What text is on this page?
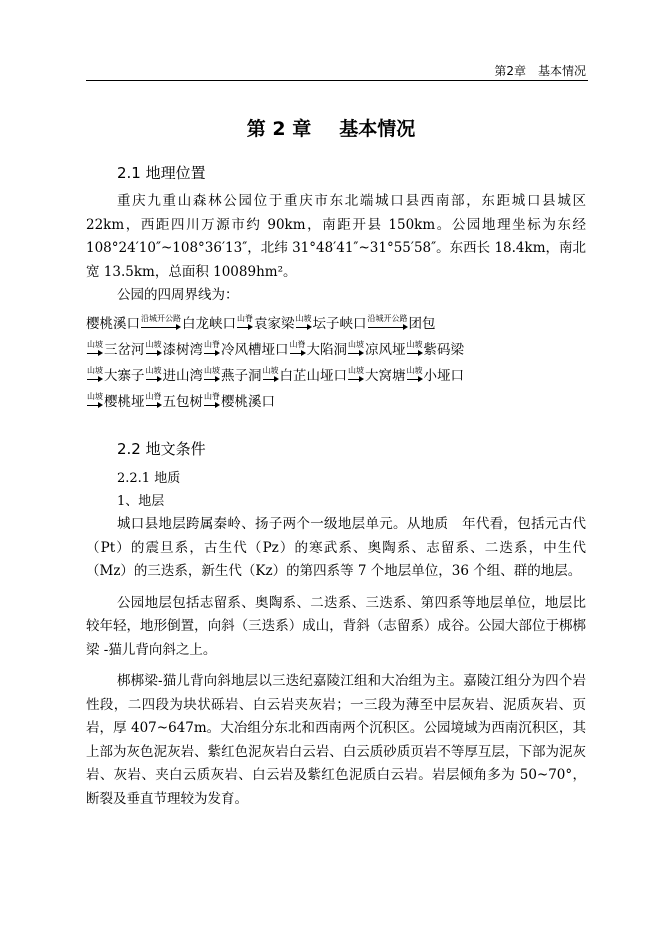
第2章　基本情况
第 2 章 基本情况
2.1 地理位置

重庆九重山森林公园位于重庆市东北端城口县西南部，东距城口县城区 22km，西距四川万源市约 90km，南距开县 150km。公园地理坐标为东经 108°24′10″~108°36′13″，北纬 31°48′41″~31°55′58″。东西长 18.4km，南北宽 13.5km，总面积 10089hm²。

公园的四周界线为：

樱桃溪口 沿城开公路 白龙峡口 山脊 袁家梁 山坡 坛子峡口 沿城开公路 团包
山坡 三岔河 山坡 漆树湾 山脊 冷风槽垭口 山脊 大陷洞 山坡 凉风垭 山坡 紫码梁
山坡 大寨子 山坡 进山湾 山坡 燕子洞 山坡 白芷山垭口 山坡 大窝塘 山坡 小垭口
山坡 樱桃垭 山脊 五包树 山脊 樱桃溪口
2.2 地文条件
2.2.1 地质
1、地层

城口县地层跨属秦岭、扬子两个一级地层单元。从地质　年代看，包括元古代（Pt）的震旦系，古生代（Pz）的寒武系、奥陶系、志留系、二迭系，中生代（Mz）的三迭系，新生代（Kz）的第四系等 7 个地层单位，36 个组、群的地层。

公园地层包括志留系、奥陶系、二迭系、三迭系、第四系等地层单位，地层比较年轻，地形倒置，向斜（三迭系）成山，背斜（志留系）成谷。公园大部位于梆梆梁 -猫儿背向斜之上。

梆梆梁-猫儿背向斜地层以三迭纪嘉陵江组和大冶组为主。嘉陵江组分为四个岩性段，二四段为块状砾岩、白云岩夹灰岩；一三段为薄至中层灰岩、泥质灰岩、页岩，厚 407~647m。大冶组分东北和西南两个沉积区。公园境域为西南沉积区，其上部为灰色泥灰岩、紫红色泥灰岩白云岩、白云质砂质页岩不等厚互层，下部为泥灰岩、灰岩、夹白云质灰岩、白云岩及紫红色泥质白云岩。岩层倾角多为 50~70°，断裂及垂直节理较为发育。
